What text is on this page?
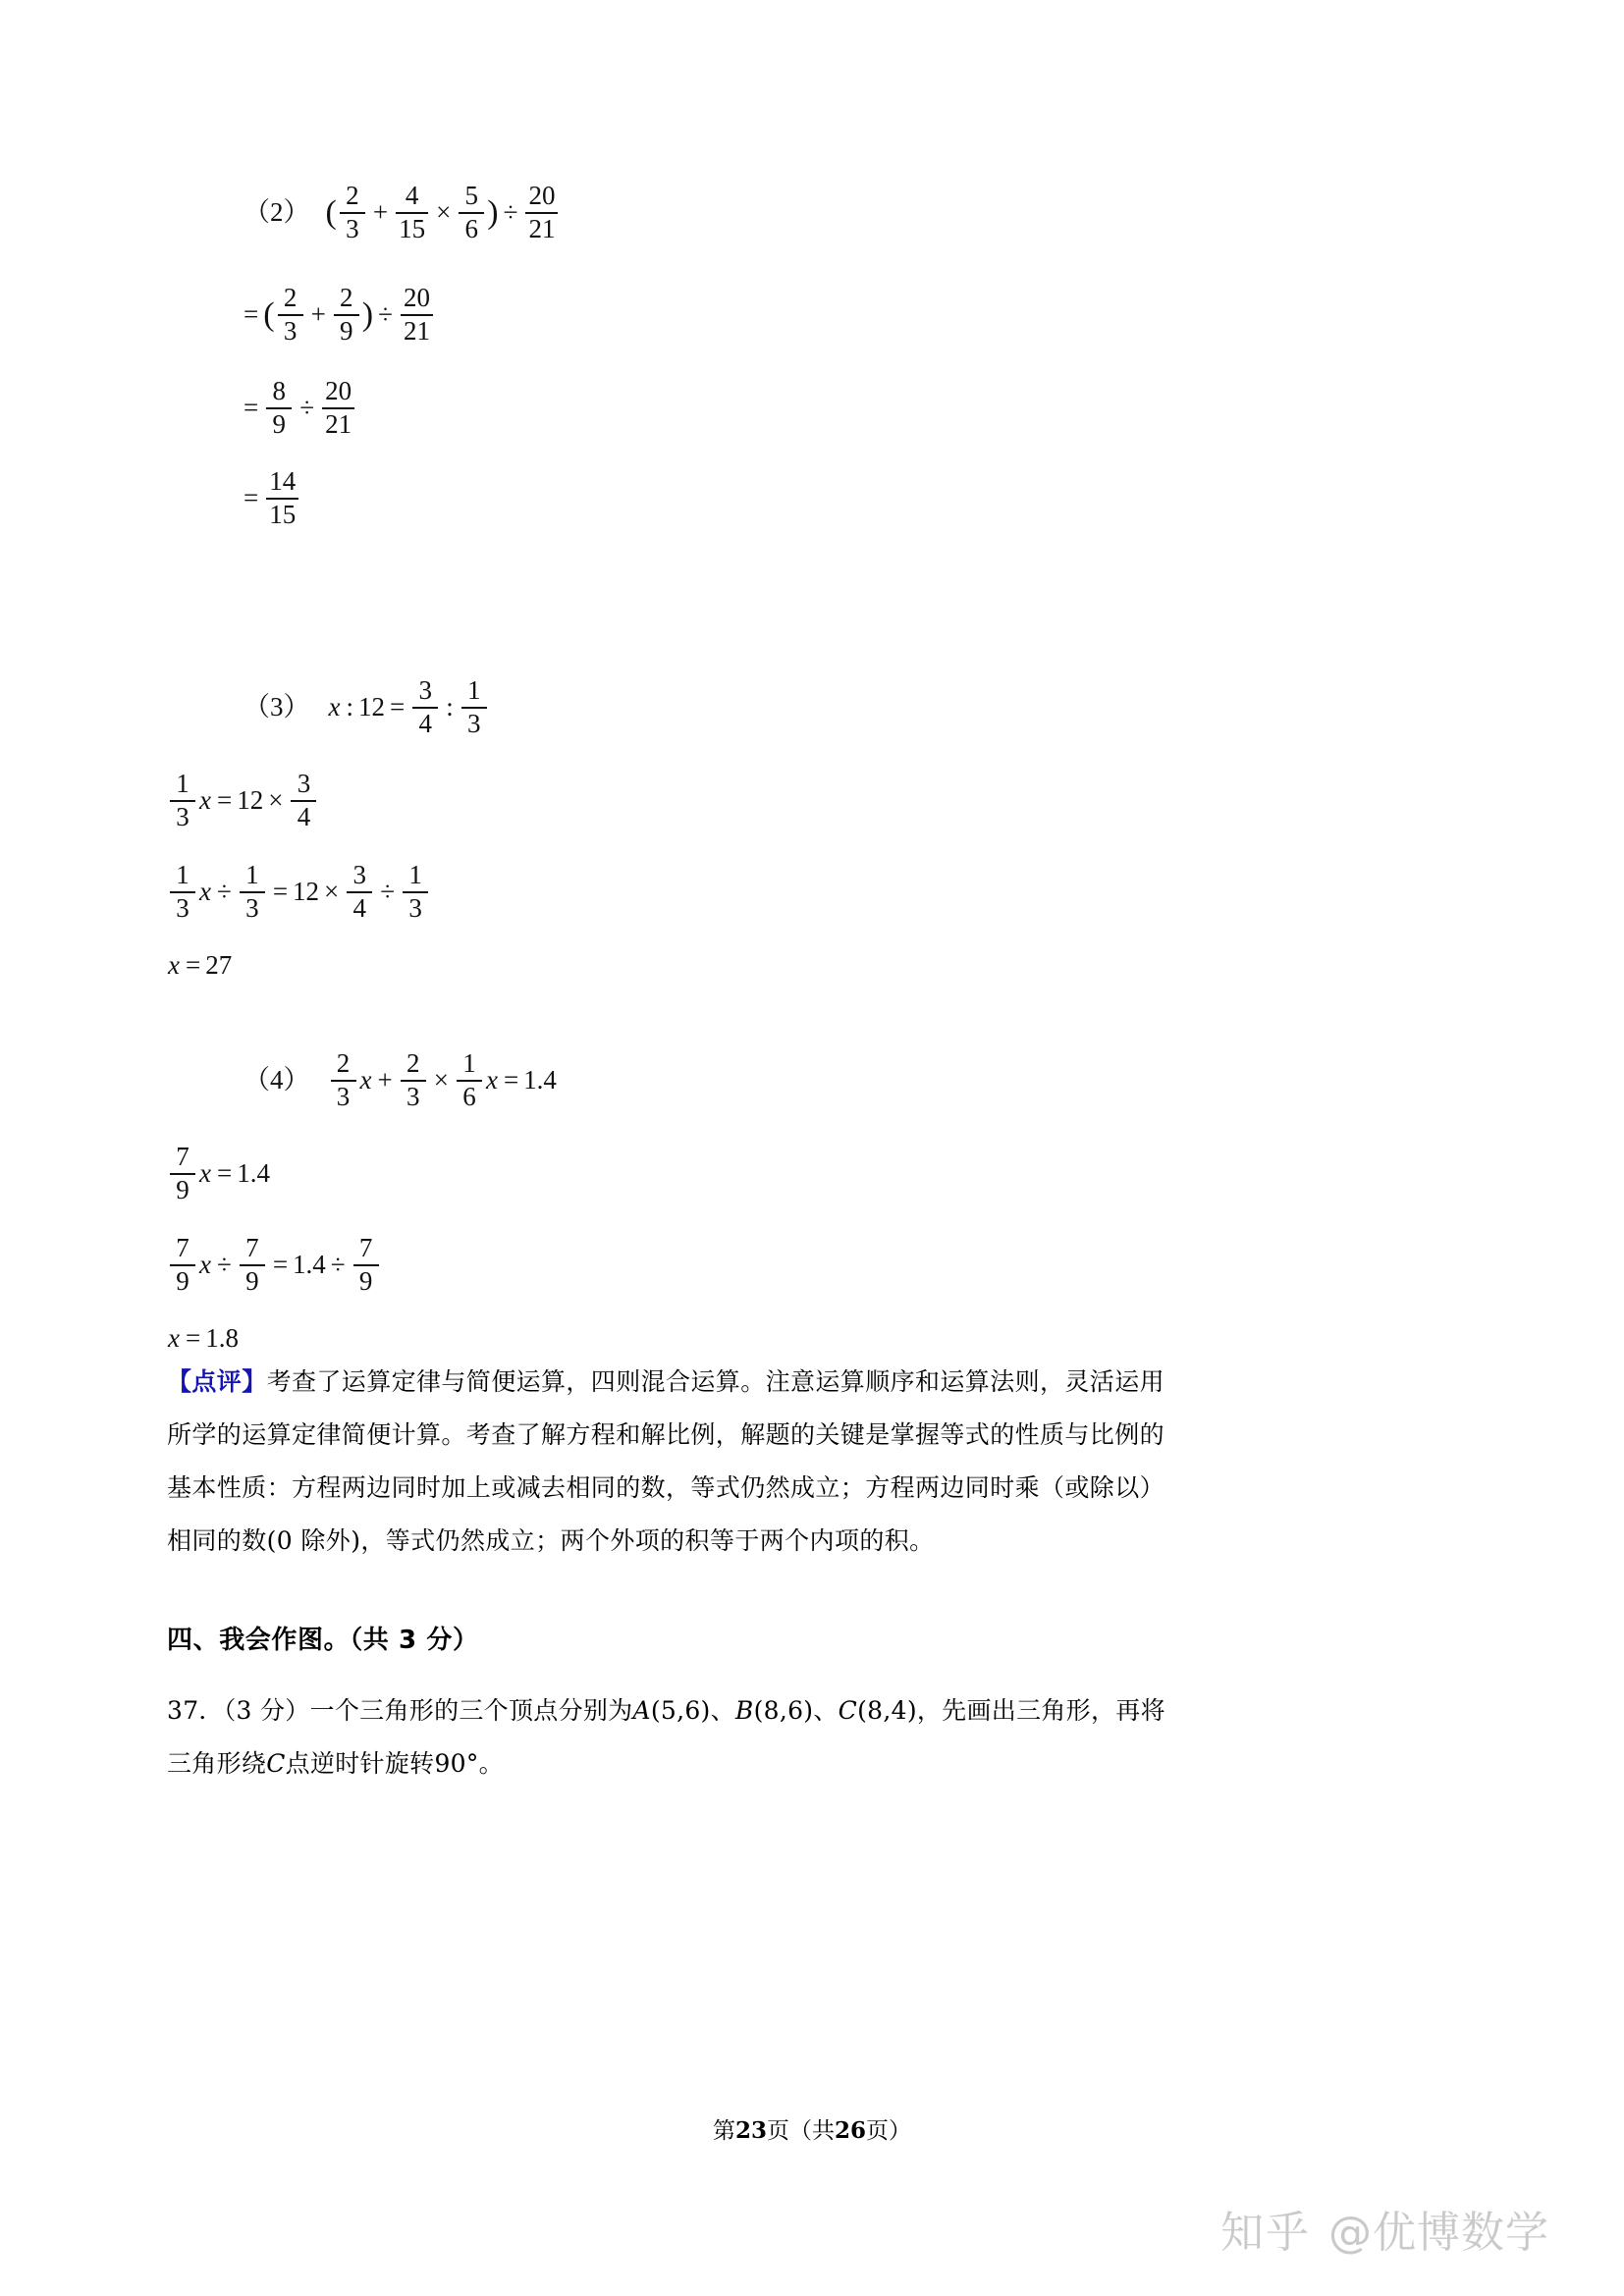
（2） ( $\frac{2}{3} + \frac{4}{15} \times \frac{5}{6}$ ) ÷ $\frac{20}{21}$
= ( $\frac{2}{3} + \frac{2}{9}$ ) ÷ $\frac{20}{21}$
= $\frac{8}{9} \div \frac{20}{21}$
= $\frac{14}{15}$
（3） x : $12 = \frac{3}{4}$ : $\frac{1}{3}$
$\frac{1}{3}$ $x = 12 \times \frac{3}{4}$
$\frac{1}{3}$ $x \div \frac{1}{3} = 12 \times \frac{3}{4} \div \frac{1}{3}$
x = 27
$(4) \frac{2}{3}$ $x + \frac{2}{3} \times \frac{1}{6}$ x = 1.4
$\frac{7}{9}$ x = 1.4
$\frac{7}{9}$ $x \div \frac{7}{9} = 1.4 \div \frac{7}{9}$
x = 1.8
【点评】考查了运算定律与简便运算，四则混合运算。注意运算顺序和运算法则，灵活运用
所学的运算定律简便计算。考查了解方程和解比例，解题的关键是掌握等式的性质与比例的
基本性质：方程两边同时加上或减去相同的数，等式仍然成立；方程两边同时乘（或除以）
相同的数(0 除外)，等式仍然成立；两个外项的积等于两个内项的积。
四、我会作图。（共 3 分）
37．（3 分）一个三角形的三个顶点分别为A(5,6)、B(8,6)、C(8,4)，先画出三角形，再将
三角形绕C点逆时针旋转90°。
第23页（共26页）
知乎 @优博数学
